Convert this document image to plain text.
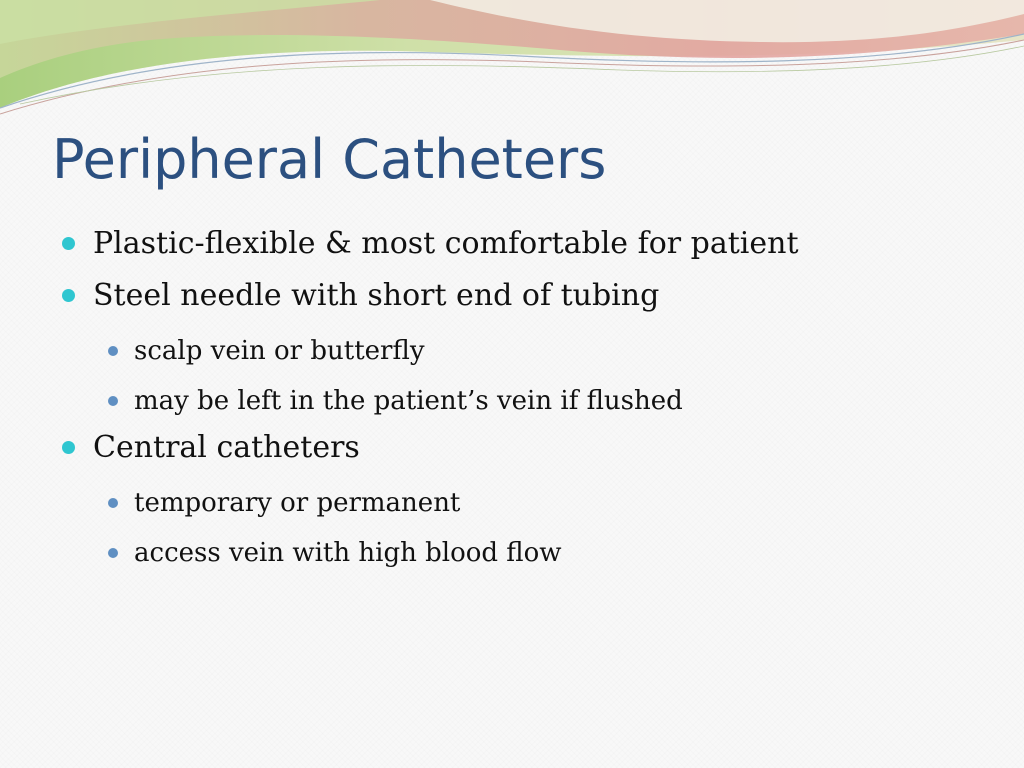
Peripheral Catheters
Plastic-flexible & most comfortable for patient
Steel needle with short end of tubing
scalp vein or butterfly
may be left in the patient’s vein if flushed
Central catheters
temporary or permanent
access vein with high blood flow
